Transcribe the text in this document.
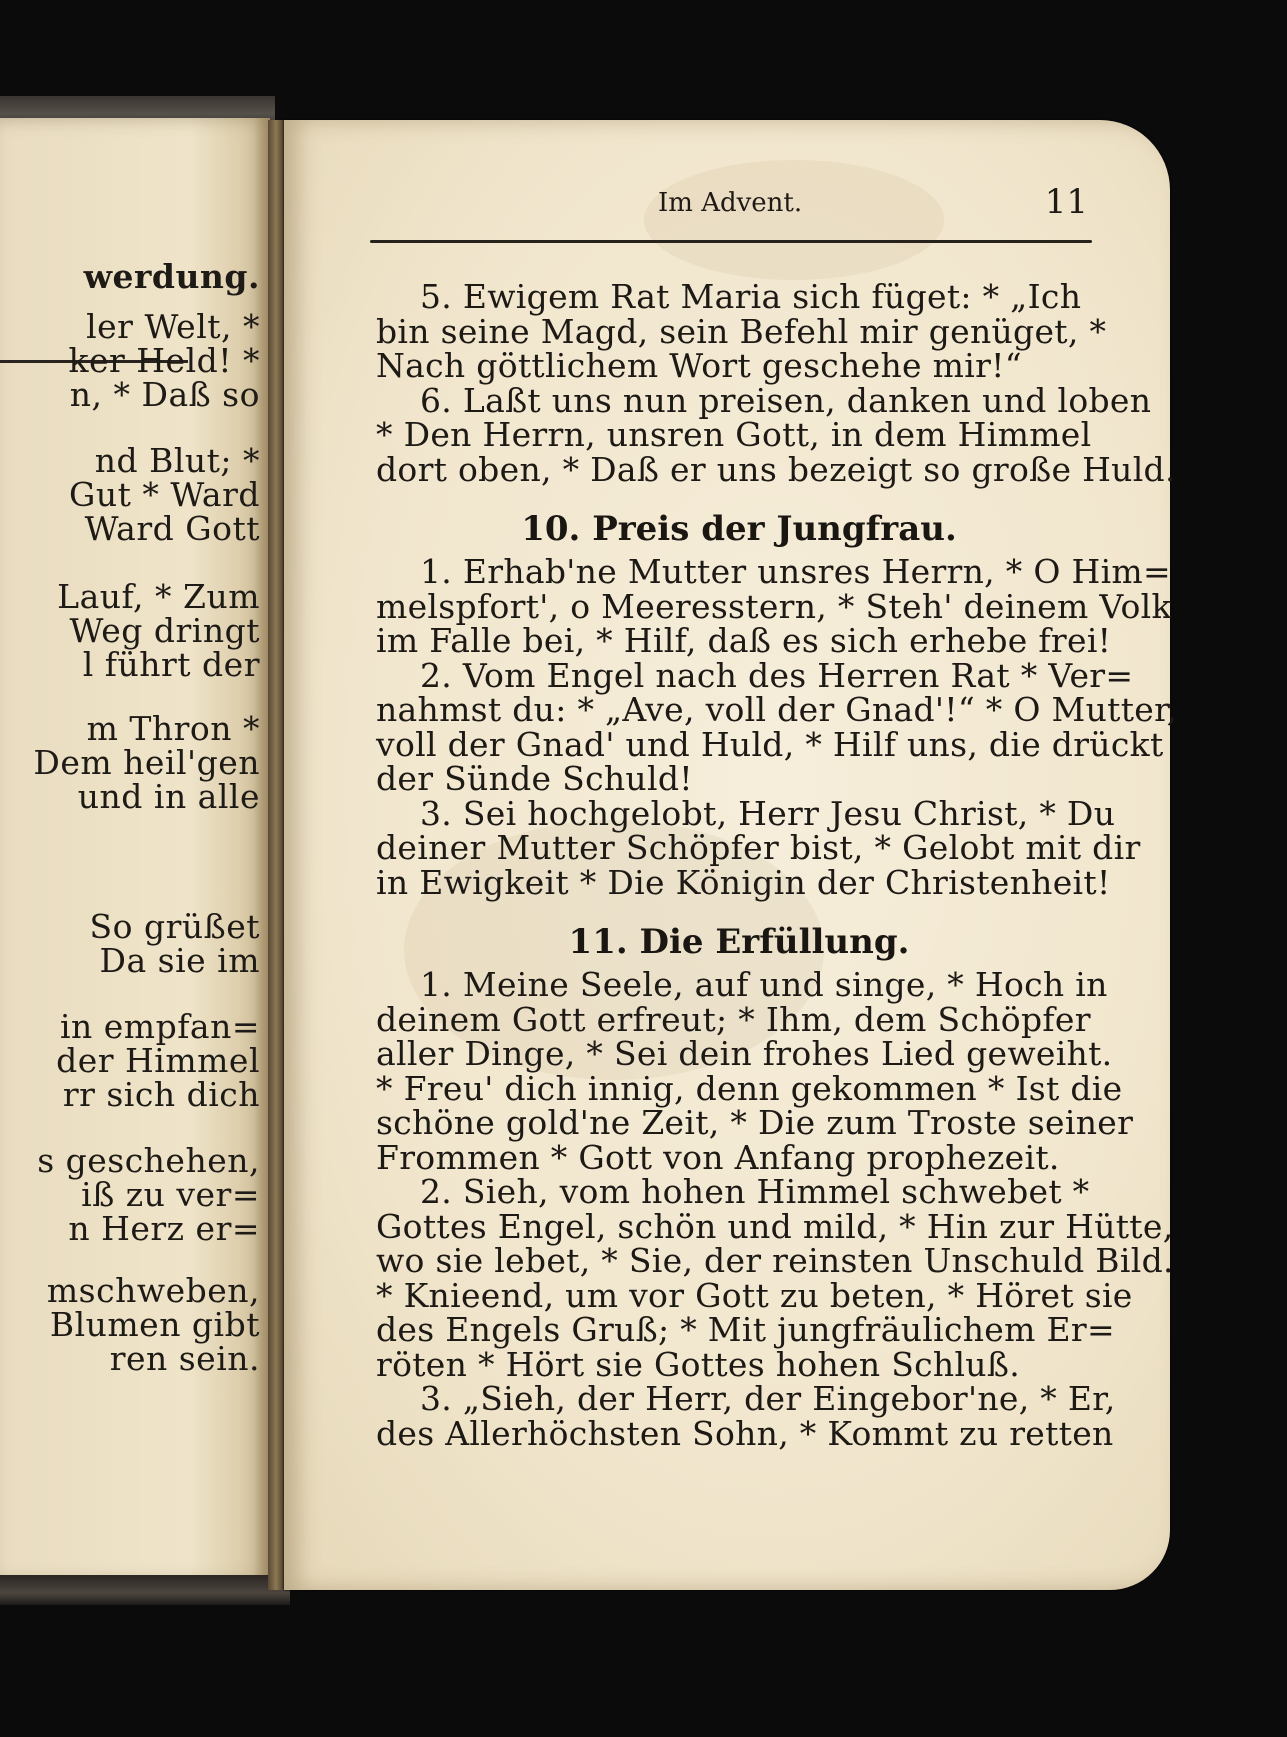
werdung.
ler Welt, *
ker Held! *
n, * Daß so
nd Blut; *
Gut * Ward
Ward Gott
Lauf, * Zum
Weg dringt
l führt der
m Thron *
Dem heil'gen
und in alle
So grüßet
Da sie im
in empfan=
der Himmel
rr sich dich
s geschehen,
iß zu ver=
n Herz er=
mschweben,
Blumen gibt
ren sein.
Im Advent.	11
5. Ewigem Rat Maria sich füget: * „Ich
bin seine Magd, sein Befehl mir genüget, *
Nach göttlichem Wort geschehe mir!“
6. Laßt uns nun preisen, danken und loben
* Den Herrn, unsren Gott, in dem Himmel
dort oben, * Daß er uns bezeigt so große Huld.
10. Preis der Jungfrau.
1. Erhab'ne Mutter unsres Herrn, * O Him=
melspfort', o Meeresstern, * Steh' deinem Volk
im Falle bei, * Hilf, daß es sich erhebe frei!
2. Vom Engel nach des Herren Rat * Ver=
nahmst du: * „Ave, voll der Gnad'!“ * O Mutter,
voll der Gnad' und Huld, * Hilf uns, die drückt
der Sünde Schuld!
3. Sei hochgelobt, Herr Jesu Christ, * Du
deiner Mutter Schöpfer bist, * Gelobt mit dir
in Ewigkeit * Die Königin der Christenheit!
11. Die Erfüllung.
1. Meine Seele, auf und singe, * Hoch in
deinem Gott erfreut; * Ihm, dem Schöpfer
aller Dinge, * Sei dein frohes Lied geweiht.
* Freu' dich innig, denn gekommen * Ist die
schöne gold'ne Zeit, * Die zum Troste seiner
Frommen * Gott von Anfang prophezeit.
2. Sieh, vom hohen Himmel schwebet *
Gottes Engel, schön und mild, * Hin zur Hütte,
wo sie lebet, * Sie, der reinsten Unschuld Bild.
* Knieend, um vor Gott zu beten, * Höret sie
des Engels Gruß; * Mit jungfräulichem Er=
röten * Hört sie Gottes hohen Schluß.
3. „Sieh, der Herr, der Eingebor'ne, * Er,
des Allerhöchsten Sohn, * Kommt zu retten
